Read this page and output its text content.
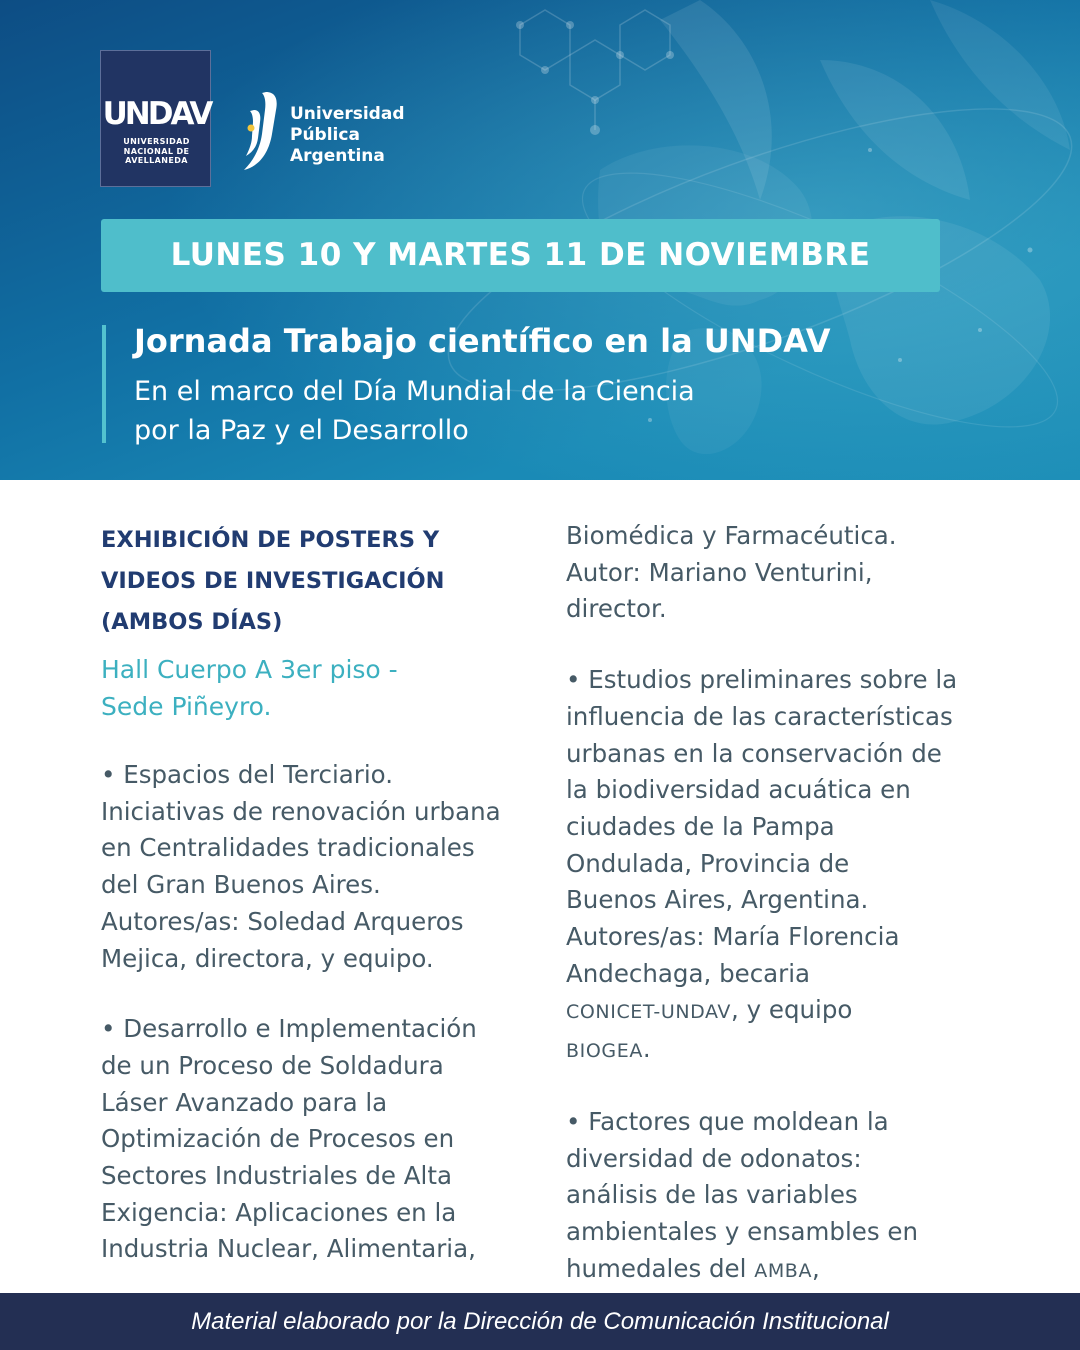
UNDAV
UNIVERSIDAD
NACIONAL DE
AVELLANEDA
Universidad
Pública
Argentina
LUNES 10 Y MARTES 11 DE NOVIEMBRE
Jornada Trabajo científico en la UNDAV
En el marco del Día Mundial de la Ciencia
por la Paz y el Desarrollo
EXHIBICIÓN DE POSTERS Y
VIDEOS DE INVESTIGACIÓN
(AMBOS DÍAS)
Hall Cuerpo A 3er piso -
Sede Piñeyro.
• Espacios del Terciario.
Iniciativas de renovación urbana
en Centralidades tradicionales
del Gran Buenos Aires.
Autores/as: Soledad Arqueros
Mejica, directora, y equipo.
• Desarrollo e Implementación
de un Proceso de Soldadura
Láser Avanzado para la
Optimización de Procesos en
Sectores Industriales de Alta
Exigencia: Aplicaciones en la
Industria Nuclear, Alimentaria,
Biomédica y Farmacéutica.
Autor: Mariano Venturini,
director.
• Estudios preliminares sobre la
influencia de las características
urbanas en la conservación de
la biodiversidad acuática en
ciudades de la Pampa
Ondulada, Provincia de
Buenos Aires, Argentina.
Autores/as: María Florencia
Andechaga, becaria
CONICET-UNDAV, y equipo
BIOGEA.
• Factores que moldean la
diversidad de odonatos:
análisis de las variables
ambientales y ensambles en
humedales del AMBA,
Material elaborado por la Dirección de Comunicación Institucional
